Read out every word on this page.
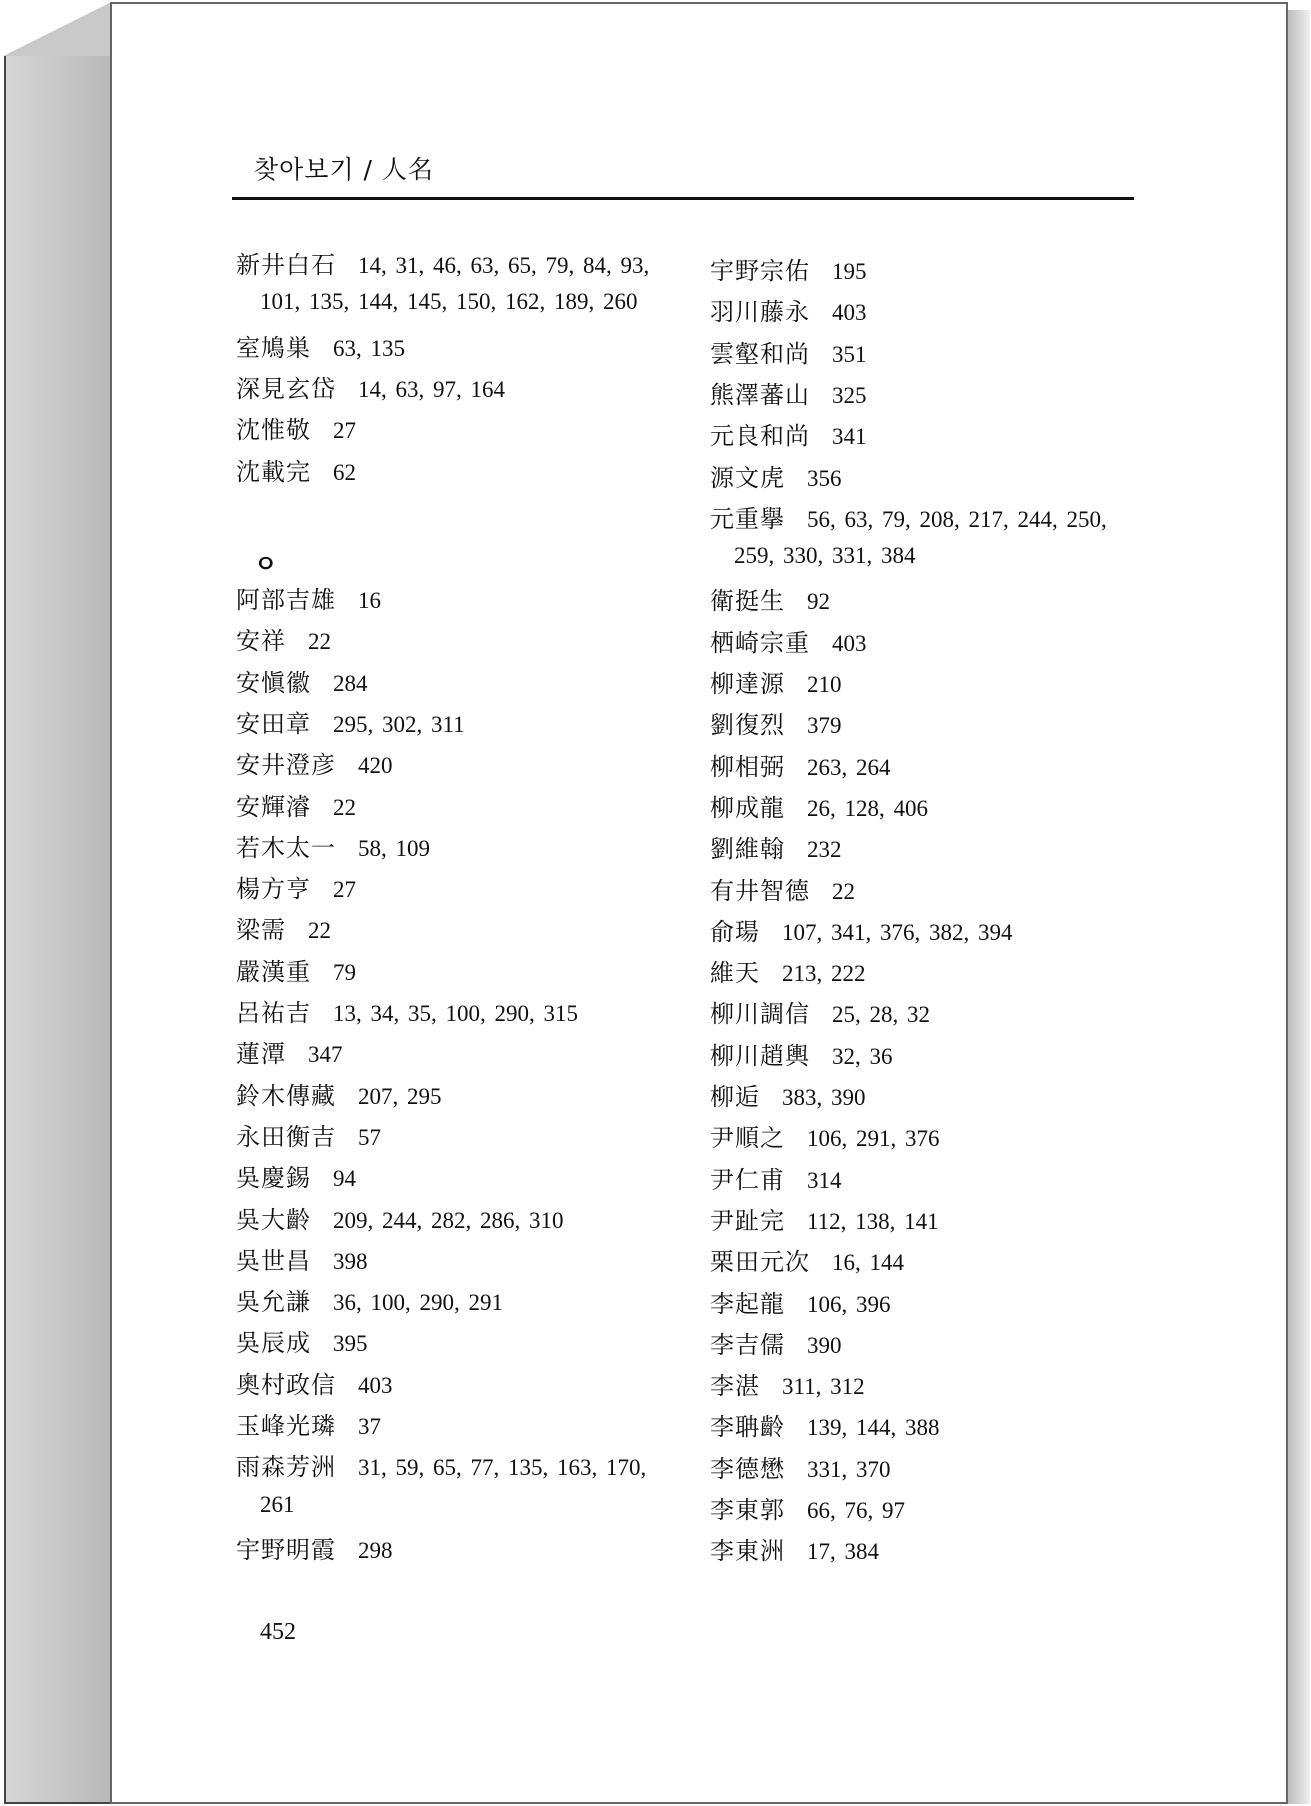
찾아보기 / 人名
新井白石 14, 31, 46, 63, 65, 79, 84, 93,
101, 135, 144, 145, 150, 162, 189, 260
室鳩巣 63, 135
深見玄岱 14, 63, 97, 164
沈惟敬 27
沈載完 62
阿部吉雄 16
安祥 22
安愼徽 284
安田章 295, 302, 311
安井澄彦 420
安輝濬 22
若木太一 58, 109
楊方亨 27
梁需 22
嚴漢重 79
呂祐吉 13, 34, 35, 100, 290, 315
蓮潭 347
鈴木傳藏 207, 295
永田衡吉 57
吳慶錫 94
吳大齡 209, 244, 282, 286, 310
吳世昌 398
吳允謙 36, 100, 290, 291
吳辰成 395
奧村政信 403
玉峰光璘 37
雨森芳洲 31, 59, 65, 77, 135, 163, 170,
261
宇野明霞 298
ㅇ
宇野宗佑 195
羽川藤永 403
雲壑和尚 351
熊澤蕃山 325
元良和尚 341
源文虎 356
元重擧 56, 63, 79, 208, 217, 244, 250,
259, 330, 331, 384
衛挺生 92
栖崎宗重 403
柳達源 210
劉復烈 379
柳相弼 263, 264
柳成龍 26, 128, 406
劉維翰 232
有井智德 22
俞瑒 107, 341, 376, 382, 394
維天 213, 222
柳川調信 25, 28, 32
柳川趙輿 32, 36
柳逅 383, 390
尹順之 106, 291, 376
尹仁甫 314
尹趾完 112, 138, 141
栗田元次 16, 144
李起龍 106, 396
李吉儒 390
李湛 311, 312
李聃齡 139, 144, 388
李德懋 331, 370
李東郭 66, 76, 97
李東洲 17, 384
452
